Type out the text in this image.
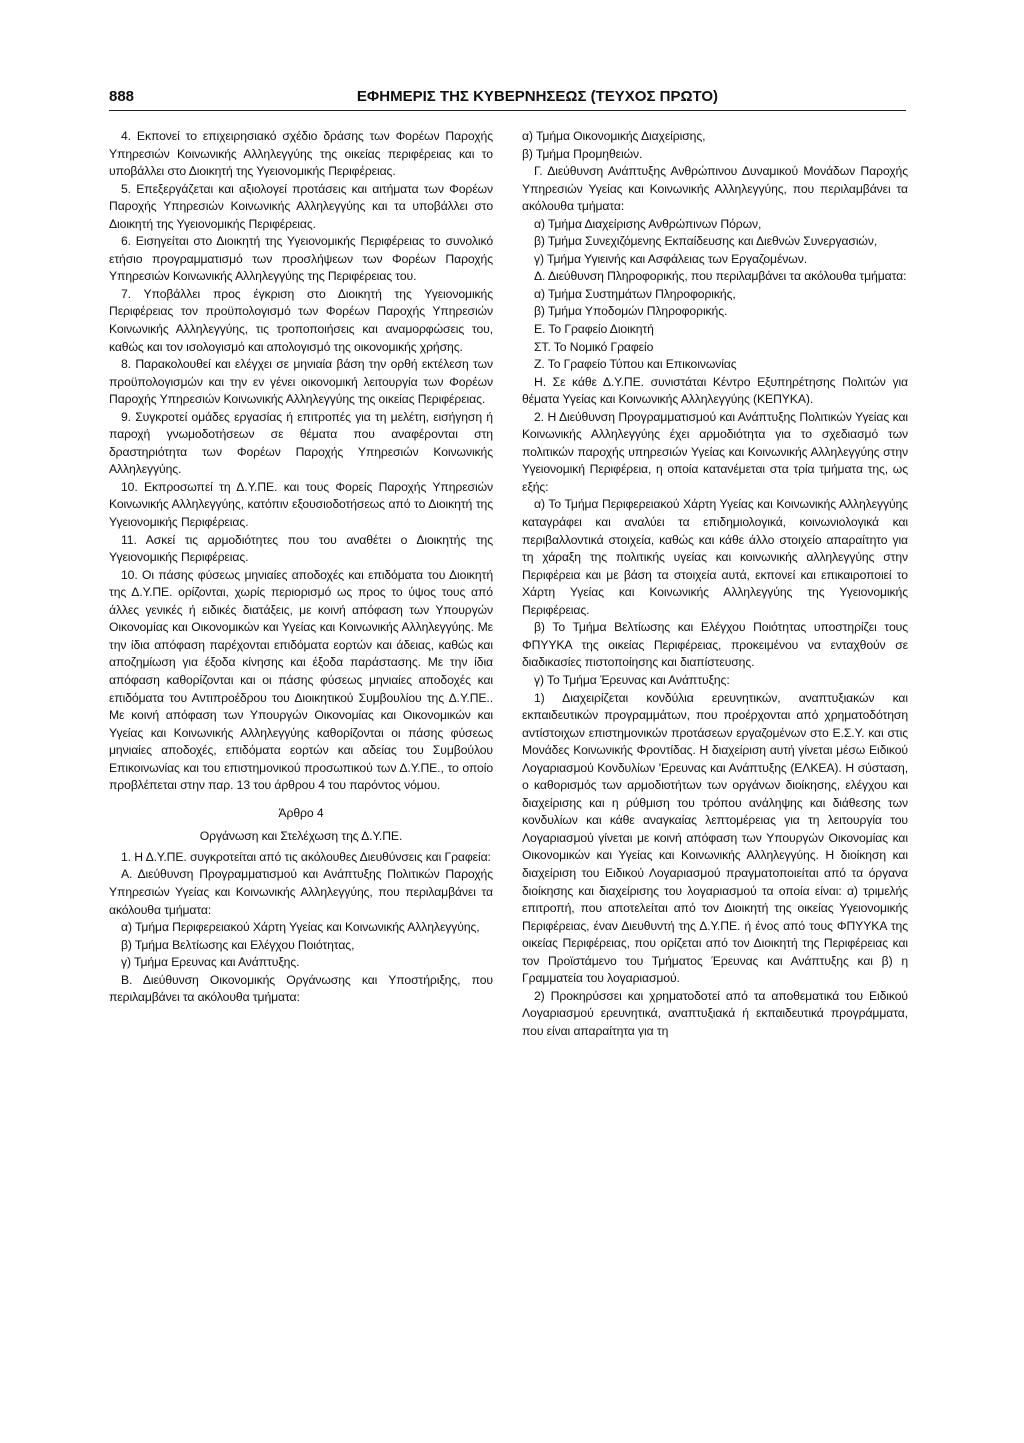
888	ΕΦΗΜΕΡΙΣ ΤΗΣ ΚΥΒΕΡΝΗΣΕΩΣ (ΤΕΥΧΟΣ ΠΡΩΤΟ)

4. Εκπονεί το επιχειρησιακό σχέδιο δράσης των Φορέων Παροχής Υπηρεσιών Κοινωνικής Αλληλεγγύης της οικείας περιφέρειας και το υποβάλλει στο Διοικητή της Υγειονομικής Περιφέρειας.

5. Επεξεργάζεται και αξιολογεί προτάσεις και αιτήματα των Φορέων Παροχής Υπηρεσιών Κοινωνικής Αλληλεγγύης και τα υποβάλλει στο Διοικητή της Υγειονομικής Περιφέρειας.

6. Εισηγείται στο Διοικητή της Υγειονομικής Περιφέρειας το συνολικό ετήσιο προγραμματισμό των προσλήψεων των Φορέων Παροχής Υπηρεσιών Κοινωνικής Αλληλεγγύης της Περιφέρειας του.

7. Υποβάλλει προς έγκριση στο Διοικητή της Υγειονομικής Περιφέρειας τον προϋπολογισμό των Φορέων Παροχής Υπηρεσιών Κοινωνικής Αλληλεγγύης, τις τροποποιήσεις και αναμορφώσεις του, καθώς και τον ισολογισμό και απολογισμό της οικονομικής χρήσης.

8. Παρακολουθεί και ελέγχει σε μηνιαία βάση την ορθή εκτέλεση των προϋπολογισμών και την εν γένει οικονομική λειτουργία των Φορέων Παροχής Υπηρεσιών Κοινωνικής Αλληλεγγύης της οικείας Περιφέρειας.

9. Συγκροτεί ομάδες εργασίας ή επιτροπές για τη μελέτη, εισήγηση ή παροχή γνωμοδοτήσεων σε θέματα που αναφέρονται στη δραστηριότητα των Φορέων Παροχής Υπηρεσιών Κοινωνικής Αλληλεγγύης.

10. Εκπροσωπεί τη Δ.Υ.ΠΕ. και τους Φορείς Παροχής Υπηρεσιών Κοινωνικής Αλληλεγγύης, κατόπιν εξουσιοδοτήσεως από το Διοικητή της Υγειονομικής Περιφέρειας.

11. Ασκεί τις αρμοδιότητες που του αναθέτει ο Διοικητής της Υγειονομικής Περιφέρειας.

10. Οι πάσης φύσεως μηνιαίες αποδοχές και επιδόματα του Διοικητή της Δ.Υ.ΠΕ. ορίζονται, χωρίς περιορισμό ως προς το ύψος τους από άλλες γενικές ή ειδικές διατάξεις, με κοινή απόφαση των Υπουργών Οικονομίας και Οικονομικών και Υγείας και Κοινωνικής Αλληλεγγύης. Με την ίδια απόφαση παρέχονται επιδόματα εορτών και άδειας, καθώς και αποζημίωση για έξοδα κίνησης και έξοδα παράστασης. Με την ίδια απόφαση καθορίζονται και οι πάσης φύσεως μηνιαίες αποδοχές και επιδόματα του Αντιπροέδρου του Διοικητικού Συμβουλίου της Δ.Υ.ΠΕ.. Με κοινή απόφαση των Υπουργών Οικονομίας και Οικονομικών και Υγείας και Κοινωνικής Αλληλεγγύης καθορίζονται οι πάσης φύσεως μηνιαίες αποδοχές, επιδόματα εορτών και αδείας του Συμβούλου Επικοινωνίας και του επιστημονικού προσωπικού των Δ.Υ.ΠΕ., το οποίο προβλέπεται στην παρ. 13 του άρθρου 4 του παρόντος νόμου.

Άρθρο 4

Οργάνωση και Στελέχωση της Δ.Υ.ΠΕ.

1. Η Δ.Υ.ΠΕ. συγκροτείται από τις ακόλουθες Διευθύνσεις και Γραφεία:

Α. Διεύθυνση Προγραμματισμού και Ανάπτυξης Πολιτικών Παροχής Υπηρεσιών Υγείας και Κοινωνικής Αλληλεγγύης, που περιλαμβάνει τα ακόλουθα τμήματα:

α) Τμήμα Περιφερειακού Χάρτη Υγείας και Κοινωνικής Αλληλεγγύης,

β) Τμήμα Βελτίωσης και Ελέγχου Ποιότητας,

γ) Τμήμα Ερευνας και Ανάπτυξης.

Β. Διεύθυνση Οικονομικής Οργάνωσης και Υποστήριξης, που περιλαμβάνει τα ακόλουθα τμήματα:

α) Τμήμα Οικονομικής Διαχείρισης,

β) Τμήμα Προμηθειών.

Γ. Διεύθυνση Ανάπτυξης Ανθρώπινου Δυναμικού Μονάδων Παροχής Υπηρεσιών Υγείας και Κοινωνικής Αλληλεγγύης, που περιλαμβάνει τα ακόλουθα τμήματα:

α) Τμήμα Διαχείρισης Ανθρώπινων Πόρων,

β) Τμήμα Συνεχιζόμενης Εκπαίδευσης και Διεθνών Συνεργασιών,

γ) Τμήμα Υγιεινής και Ασφάλειας των Εργαζομένων.

Δ. Διεύθυνση Πληροφορικής, που περιλαμβάνει τα ακόλουθα τμήματα:

α) Τμήμα Συστημάτων Πληροφορικής,

β) Τμήμα Υποδομών Πληροφορικής.

Ε. Το Γραφείο Διοικητή

ΣΤ. Το Νομικό Γραφείο

Ζ. Το Γραφείο Τύπου και Επικοινωνίας

Η. Σε κάθε Δ.Υ.ΠΕ. συνιστάται Κέντρο Εξυπηρέτησης Πολιτών για θέματα Υγείας και Κοινωνικής Αλληλεγγύης (ΚΕΠΥΚΑ).

2. Η Διεύθυνση Προγραμματισμού και Ανάπτυξης Πολιτικών Υγείας και Κοινωνικής Αλληλεγγύης έχει αρμοδιότητα για το σχεδιασμό των πολιτικών παροχής υπηρεσιών Υγείας και Κοινωνικής Αλληλεγγύης στην Υγειονομική Περιφέρεια, η οποία κατανέμεται στα τρία τμήματα της, ως εξής:

α) Το Τμήμα Περιφερειακού Χάρτη Υγείας και Κοινωνικής Αλληλεγγύης καταγράφει και αναλύει τα επιδημιολογικά, κοινωνιολογικά και περιβαλλοντικά στοιχεία, καθώς και κάθε άλλο στοιχείο απαραίτητο για τη χάραξη της πολιτικής υγείας και κοινωνικής αλληλεγγύης στην Περιφέρεια και με βάση τα στοιχεία αυτά, εκπονεί και επικαιροποιεί το Χάρτη Υγείας και Κοινωνικής Αλληλεγγύης της Υγειονομικής Περιφέρειας.

β) Το Τμήμα Βελτίωσης και Ελέγχου Ποιότητας υποστηρίζει τους ΦΠΥΥΚΑ της οικείας Περιφέρειας, προκειμένου να ενταχθούν σε διαδικασίες πιστοποίησης και διαπίστευσης.

γ) Το Τμήμα Έρευνας και Ανάπτυξης:

1) Διαχειρίζεται κονδύλια ερευνητικών, αναπτυξιακών και εκπαιδευτικών προγραμμάτων, που προέρχονται από χρηματοδότηση αντίστοιχων επιστημονικών προτάσεων εργαζομένων στο Ε.Σ.Υ. και στις Μονάδες Κοινωνικής Φροντίδας. Η διαχείριση αυτή γίνεται μέσω Ειδικού Λογαριασμού Κονδυλίων 'Ερευνας και Ανάπτυξης (ΕΛΚΕΑ). Η σύσταση, ο καθορισμός των αρμοδιοτήτων των οργάνων διοίκησης, ελέγχου και διαχείρισης και η ρύθμιση του τρόπου ανάληψης και διάθεσης των κονδυλίων και κάθε αναγκαίας λεπτομέρειας για τη λειτουργία του Λογαριασμού γίνεται με κοινή απόφαση των Υπουργών Οικονομίας και Οικονομικών και Υγείας και Κοινωνικής Αλληλεγγύης. Η διοίκηση και διαχείριση του Ειδικού Λογαριασμού πραγματοποιείται από τα όργανα διοίκησης και διαχείρισης του λογαριασμού τα οποία είναι: α) τριμελής επιτροπή, που αποτελείται από τον Διοικητή της οικείας Υγειονομικής Περιφέρειας, έναν Διευθυντή της Δ.Υ.ΠΕ. ή ένος από τους ΦΠΥΥΚΑ της οικείας Περιφέρειας, που ορίζεται από τον Διοικητή της Περιφέρειας και τον Προϊστάμενο του Τμήματος Έρευνας και Ανάπτυξης και β) η Γραμματεία του λογαριασμού.

2) Προκηρύσσει και χρηματοδοτεί από τα αποθεματικά του Ειδικού Λογαριασμού ερευνητικά, αναπτυξιακά ή εκπαιδευτικά προγράμματα, που είναι απαραίτητα για τη
